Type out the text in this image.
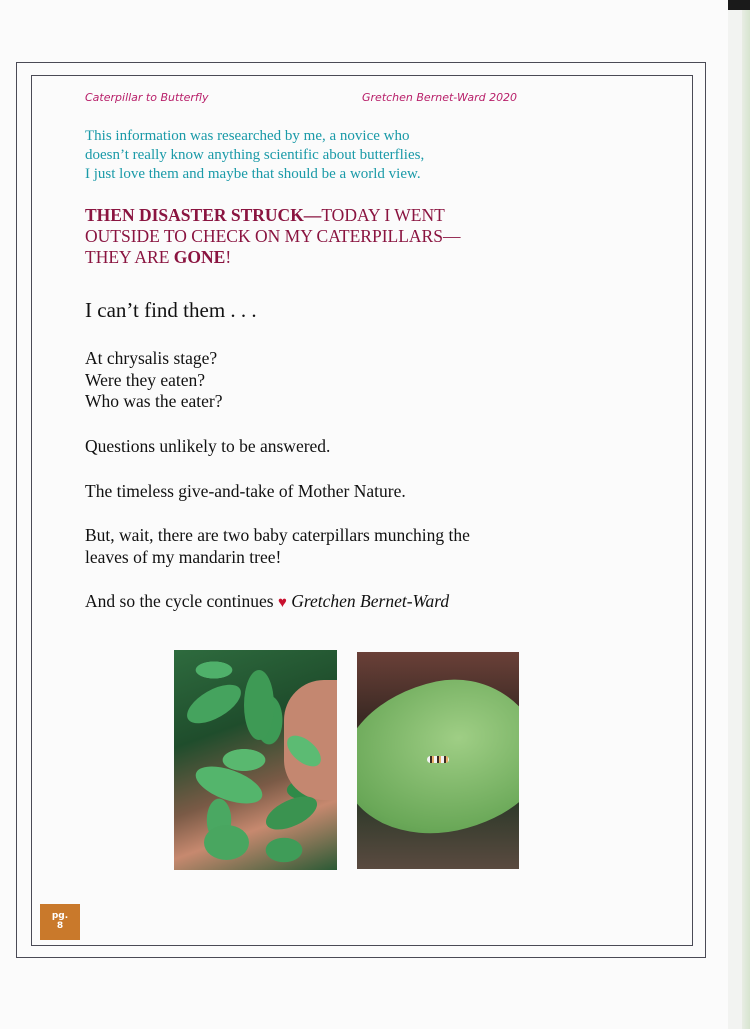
Caterpillar to Butterfly	Gretchen Bernet-Ward 2020
This information was researched by me, a novice who
doesn’t really know anything scientific about butterflies,
I just love them and maybe that should be a world view.
THEN DISASTER STRUCK—TODAY I WENT
OUTSIDE TO CHECK ON MY CATERPILLARS—
THEY ARE GONE!
I can’t find them . . .
At chrysalis stage?
Were they eaten?
Who was the eater?
Questions unlikely to be answered.
The timeless give-and-take of Mother Nature.
But, wait, there are two baby caterpillars munching the
leaves of my mandarin tree!
And so the cycle continues ♥ Gretchen Bernet-Ward
pg.
8
